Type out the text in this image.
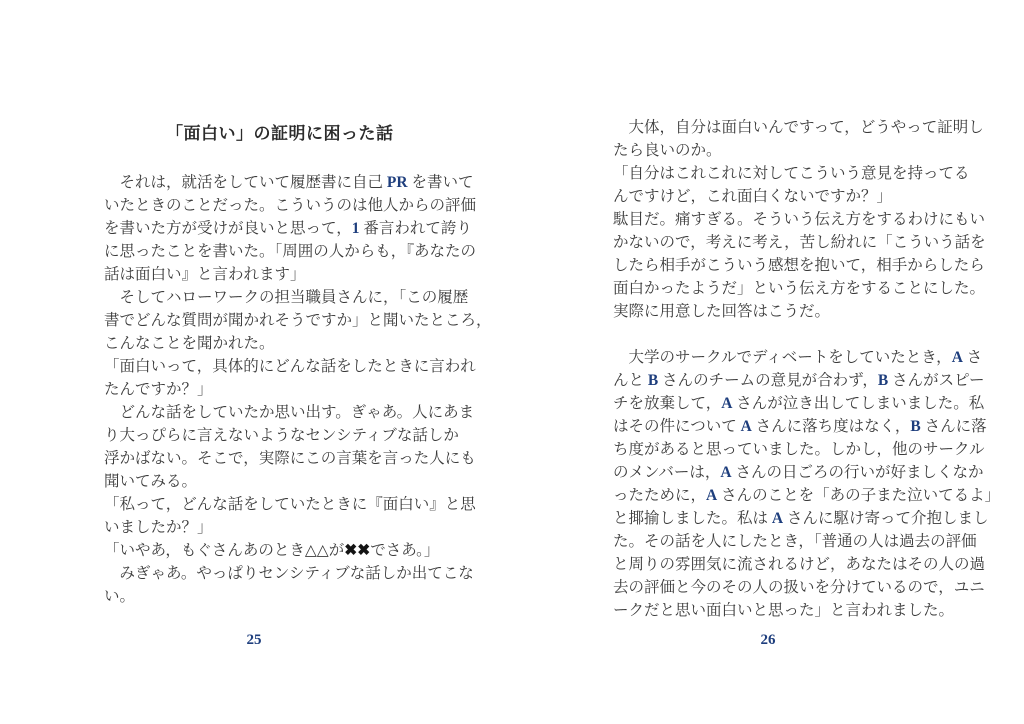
「面白い」の証明に困った話
　それは，就活をしていて履歴書に自己 PR を書いて
いたときのことだった。こういうのは他人からの評価
を書いた方が受けが良いと思って，1 番言われて誇り
に思ったことを書いた。「周囲の人からも，『あなたの
話は面白い』と言われます」
　そしてハローワークの担当職員さんに，「この履歴
書でどんな質問が聞かれそうですか」と聞いたところ，
こんなことを聞かれた。
「面白いって，具体的にどんな話をしたときに言われ
たんですか？」
　どんな話をしていたか思い出す。ぎゃあ。人にあま
り大っぴらに言えないようなセンシティブな話しか
浮かばない。そこで，実際にこの言葉を言った人にも
聞いてみる。
「私って，どんな話をしていたときに『面白い』と思
いましたか？」
「いやあ，もぐさんあのとき△△が✖✖でさあ。」
　みぎゃあ。やっぱりセンシティブな話しか出てこな
い。
25
　大体，自分は面白いんですって，どうやって証明し
たら良いのか。
「自分はこれこれに対してこういう意見を持ってる
んですけど，これ面白くないですか？」
駄目だ。痛すぎる。そういう伝え方をするわけにもい
かないので，考えに考え，苦し紛れに「こういう話を
したら相手がこういう感想を抱いて，相手からしたら
面白かったようだ」という伝え方をすることにした。
実際に用意した回答はこうだ。

　大学のサークルでディベートをしていたとき，A さ
んと B さんのチームの意見が合わず，B さんがスピー
チを放棄して，A さんが泣き出してしまいました。私
はその件について A さんに落ち度はなく，B さんに落
ち度があると思っていました。しかし，他のサークル
のメンバーは，A さんの日ごろの行いが好ましくなか
ったために，A さんのことを「あの子また泣いてるよ」
と揶揄しました。私は A さんに駆け寄って介抱しまし
た。その話を人にしたとき，「普通の人は過去の評価
と周りの雰囲気に流されるけど，あなたはその人の過
去の評価と今のその人の扱いを分けているので，ユニ
ークだと思い面白いと思った」と言われました。
26
